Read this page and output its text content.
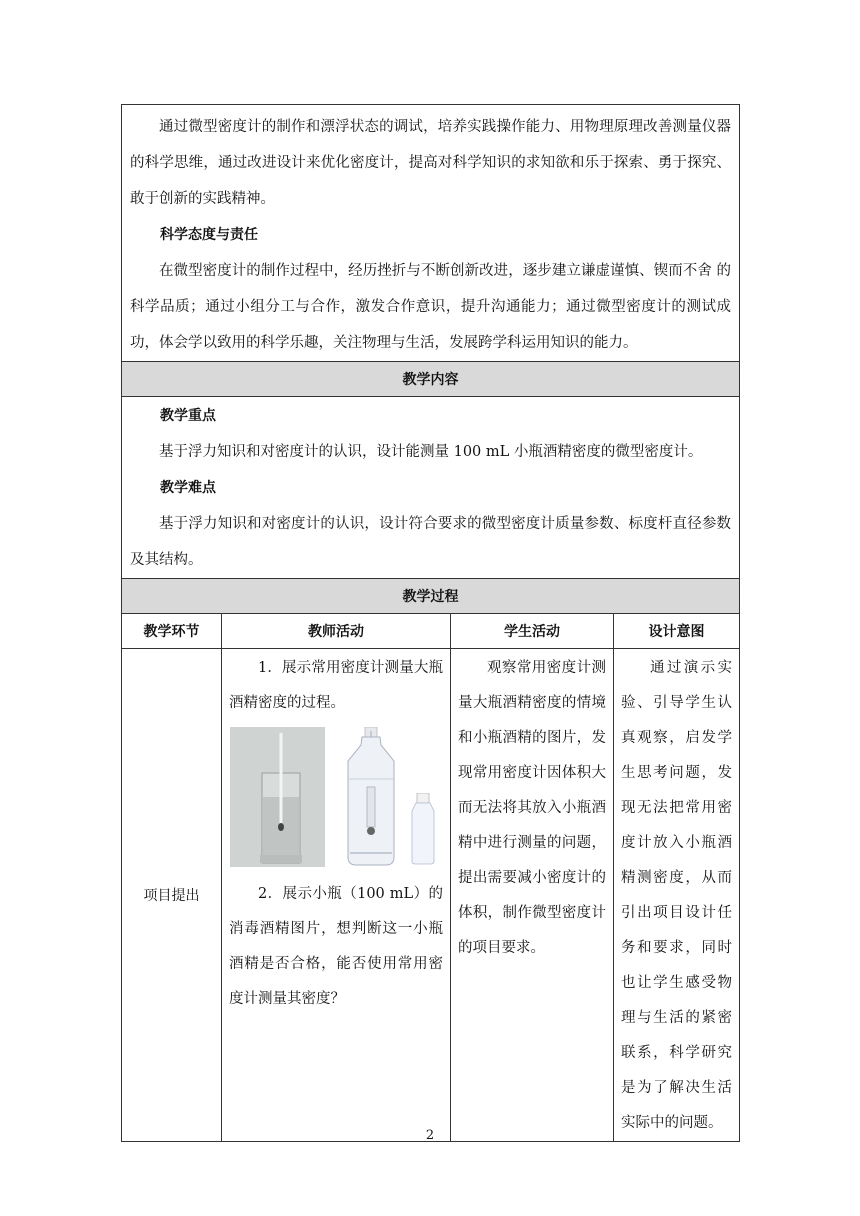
通过微型密度计的制作和漂浮状态的调试，培养实践操作能力、用物理原理改善测量仪器的科学思维，通过改进设计来优化密度计，提高对科学知识的求知欲和乐于探索、勇于探究、敢于创新的实践精神。

科学态度与责任

在微型密度计的制作过程中，经历挫折与不断创新改进，逐步建立谦虚谨慎、锲而不舍 的科学品质；通过小组分工与合作，激发合作意识，提升沟通能力；通过微型密度计的测试成功，体会学以致用的科学乐趣，关注物理与生活，发展跨学科运用知识的能力。			

教学内容			

教学重点

基于浮力知识和对密度计的认识，设计能测量 100 mL 小瓶酒精密度的微型密度计。

教学难点

基于浮力知识和对密度计的认识，设计符合要求的微型密度计质量参数、标度杆直径参数及其结构。			

教学过程			
教学环节	教师活动	学生活动	设计意图
项目提出	1．展示常用密度计测量大瓶酒精密度的过程。

2．展示小瓶（100 mL）的消毒酒精图片，想判断这一小瓶酒精是否合格，能否使用常用密度计测量其密度？	观察常用密度计测量大瓶酒精密度的情境和小瓶酒精的图片，发现常用密度计因体积大而无法将其放入小瓶酒精中进行测量的问题，提出需要减小密度计的体积，制作微型密度计的项目要求。	通过演示实验、引导学生认真观察，启发学生思考问题，发现无法把常用密度计放入小瓶酒精测密度，从而引出项目设计任务和要求，同时也让学生感受物理与生活的紧密联系，科学研究是为了解决生活实际中的问题。

2
